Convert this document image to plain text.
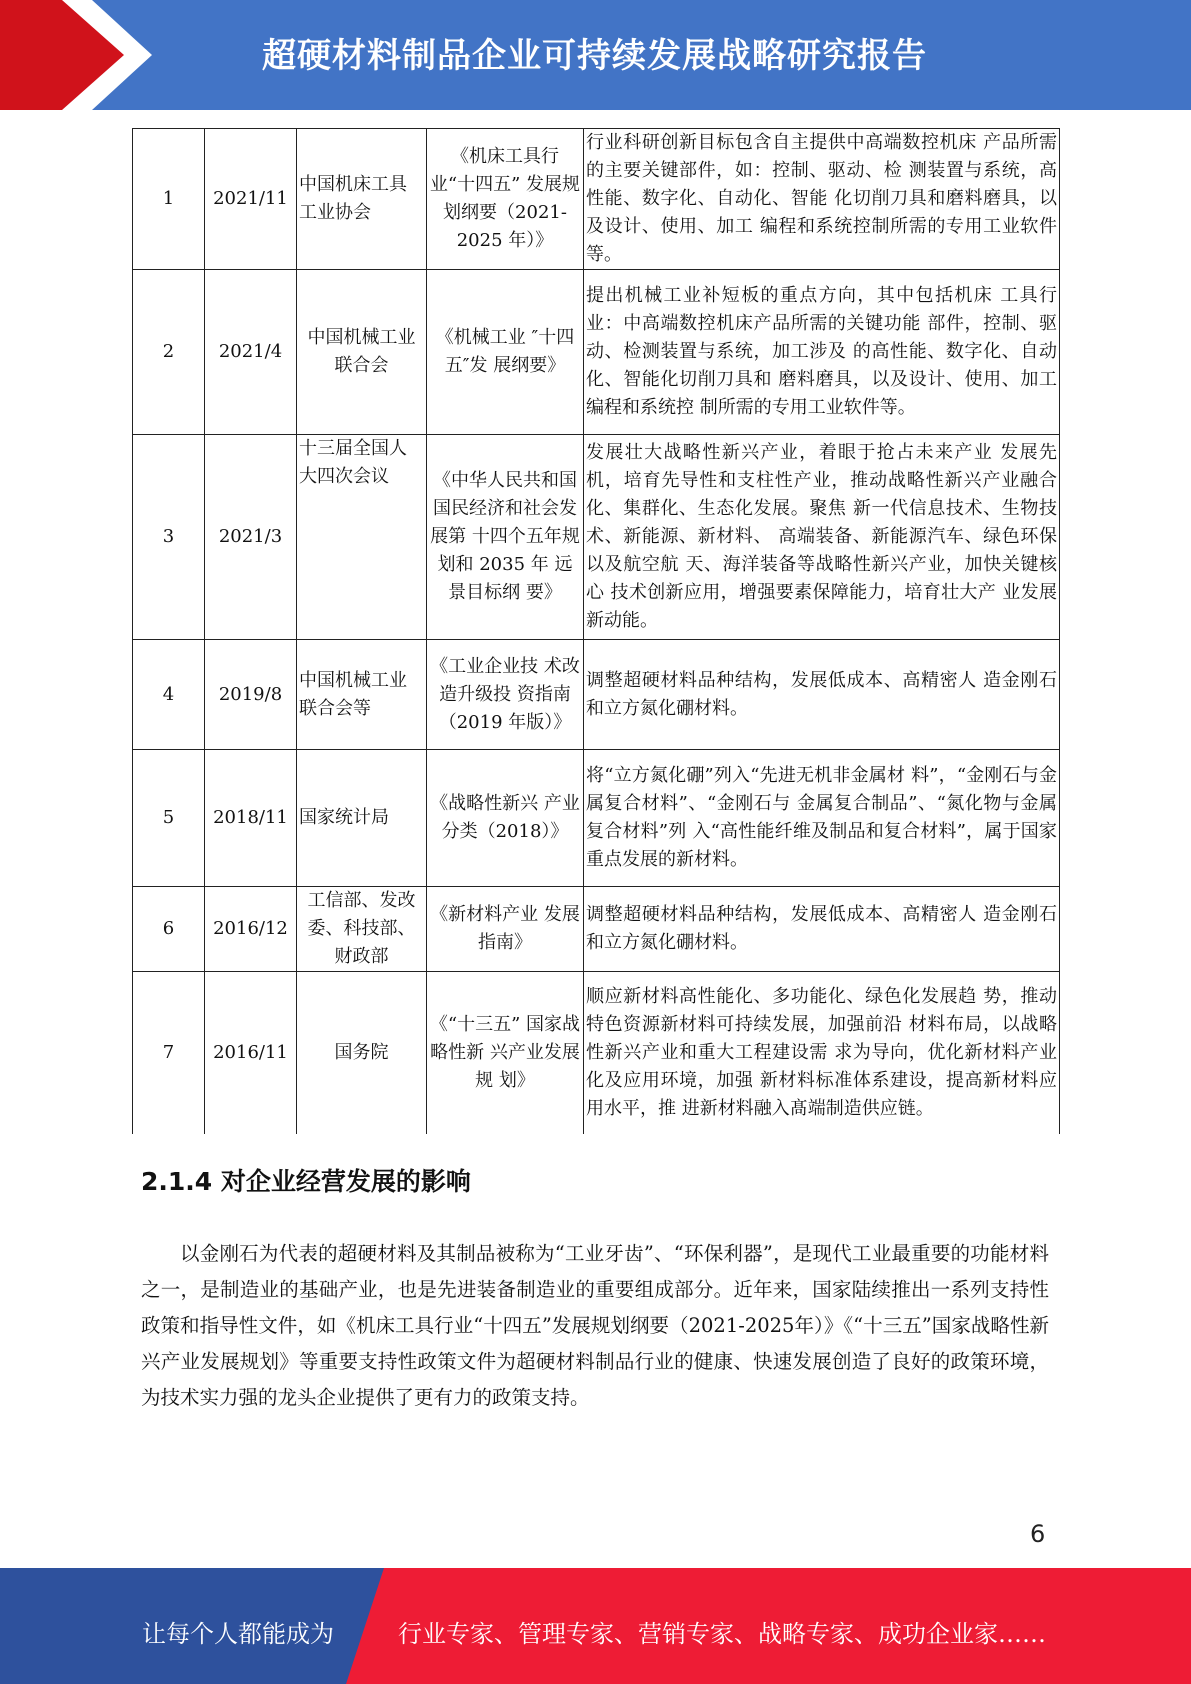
超硬材料制品企业可持续发展战略研究报告
1	2021/11	中国机床工具工业协会	《机床工具行 业“十四五” 发展规划纲要（2021-2025 年）》	行业科研创新目标包含自主提供中高端数控机床 产品所需的主要关键部件，如：控制、驱动、检 测装置与系统，高性能、数字化、自动化、智能 化切削刀具和磨料磨具，以及设计、使用、加工 编程和系统控制所需的专用工业软件等。
2	2021/4	中国机械工业联合会	《机械工业 ″十四五″发 展纲要》	提出机械工业补短板的重点方向，其中包括机床 工具行业：中高端数控机床产品所需的关键功能 部件，控制、驱动、检测装置与系统，加工涉及 的高性能、数字化、自动化、智能化切削刀具和 磨料磨具，以及设计、使用、加工编程和系统控 制所需的专用工业软件等。
3	2021/3	十三届全国人大四次会议	《中华人民共和国国民经济和社会发展第 十四个五年规 划和 2035 年 远景目标纲 要》	发展壮大战略性新兴产业，着眼于抢占未来产业 发展先机，培育先导性和支柱性产业，推动战略性新兴产业融合化、集群化、生态化发展。聚焦 新一代信息技术、生物技术、新能源、新材料、 高端装备、新能源汽车、绿色环保以及航空航 天、海洋装备等战略性新兴产业，加快关键核心 技术创新应用，增强要素保障能力，培育壮大产 业发展新动能。
4	2019/8	中国机械工业联合会等	《工业企业技 术改造升级投 资指南（2019 年版）》	调整超硬材料品种结构，发展低成本、高精密人 造金刚石和立方氮化硼材料。
5	2018/11	国家统计局	《战略性新兴 产业分类（2018）》	将“立方氮化硼”列入“先进无机非金属材 料”，“金刚石与金属复合材料”、“金刚石与 金属复合制品”、“氮化物与金属复合材料”列 入“高性能纤维及制品和复合材料”，属于国家 重点发展的新材料。
6	2016/12	工信部、发改委、科技部、财政部	《新材料产业 发展指南》	调整超硬材料品种结构，发展低成本、高精密人 造金刚石和立方氮化硼材料。
7	2016/11	国务院	《“十三五” 国家战略性新 兴产业发展规 划》	顺应新材料高性能化、多功能化、绿色化发展趋 势，推动特色资源新材料可持续发展，加强前沿 材料布局，以战略性新兴产业和重大工程建设需 求为导向，优化新材料产业化及应用环境，加强 新材料标准体系建设，提高新材料应用水平，推 进新材料融入髙端制造供应链。
2.1.4 对企业经营发展的影响

以金刚石为代表的超硬材料及其制品被称为“工业牙齿”、“环保利器”，是现代工业最重要的功能材料之一，是制造业的基础产业，也是先进装备制造业的重要组成部分。近年来，国家陆续推出一系列支持性政策和指导性文件，如《机床工具行业“十四五”发展规划纲要（2021-2025年）》《“十三五”国家战略性新兴产业发展规划》等重要支持性政策文件为超硬材料制品行业的健康、快速发展创造了良好的政策环境，为技术实力强的龙头企业提供了更有力的政策支持。

6
让每个人都能成为	行业专家、管理专家、营销专家、战略专家、成功企业家……
